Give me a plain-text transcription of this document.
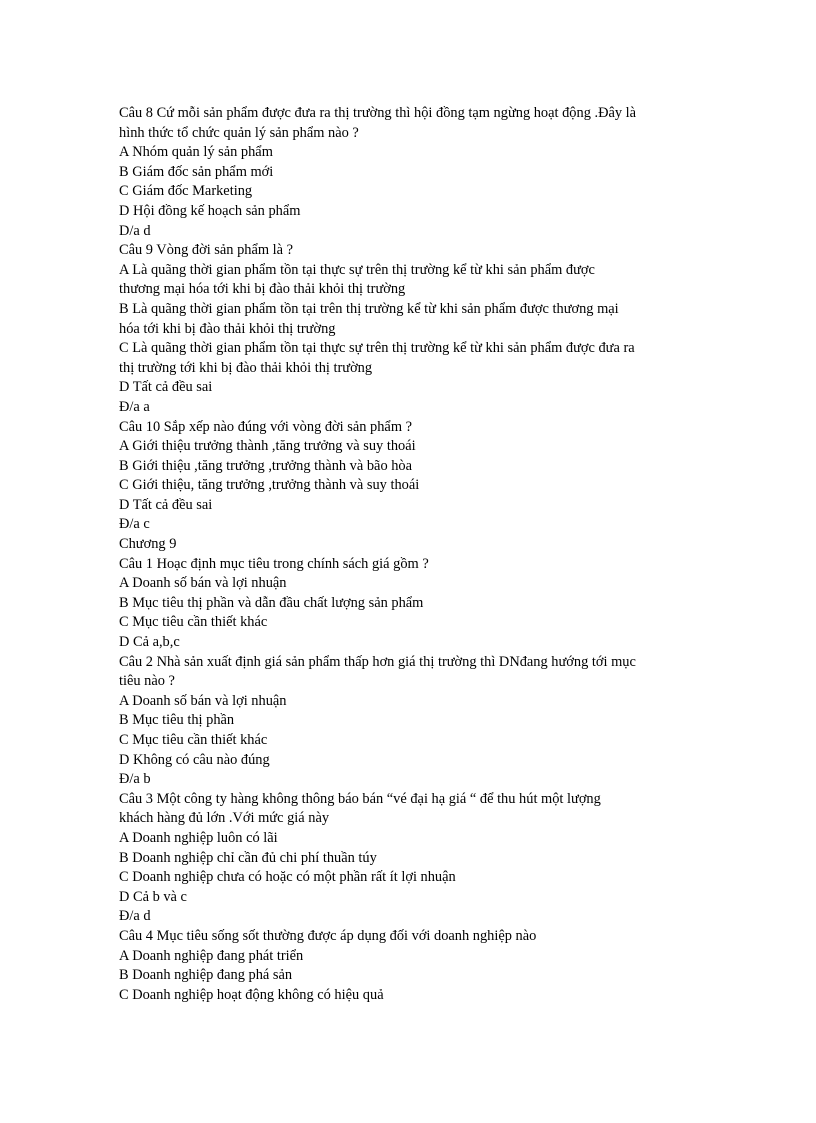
Câu 8 Cứ mỗi sản phẩm được đưa ra thị trường thì hội đồng tạm ngừng hoạt động .Đây là
hình thức tổ chức quản lý sản phẩm nào ?
A Nhóm quản lý sản phẩm
B Giám đốc sản phẩm mới
C Giám đốc Marketing
D Hội đồng kế hoạch sản phẩm
D/a d
Câu 9 Vòng đời sản phẩm là ?
A Là quãng thời gian phẩm tồn tại thực sự trên thị trường kể từ khi sản phẩm được
thương mại hóa tới khi bị đào thải khỏi thị trường
B Là quãng thời gian phẩm tồn tại trên thị trường kể từ khi sản phẩm được thương mại
hóa tới khi bị đào thải khỏi thị trường
C Là quãng thời gian phẩm tồn tại thực sự trên thị trường kể từ khi sản phẩm được đưa ra
thị trường tới khi bị đào thải khỏi thị trường
D Tất cả đều sai
Đ/a a
Câu 10 Sắp xếp nào đúng với vòng đời sản phẩm ?
A Giới thiệu trưởng thành ,tăng trưởng và suy thoái
B Giới thiệu ,tăng trưởng ,trưởng thành và bão hòa
C Giới thiệu, tăng trưởng ,trưởng thành và suy thoái
D Tất cả đều sai
Đ/a c
Chương 9
Câu 1 Hoạc định mục tiêu trong chính sách giá gồm ?
A Doanh số bán và lợi nhuận
B Mục tiêu thị phần và dẫn đầu chất lượng sản phẩm
C Mục tiêu cần thiết khác
D Cả a,b,c
Câu 2 Nhà sản xuất định giá sản phẩm thấp hơn giá thị trường thì DNđang hướng tới mục
tiêu nào ?
A Doanh số bán và lợi nhuận
B Mục tiêu thị phần
C Mục tiêu cần thiết khác
D Không có câu nào đúng
Đ/a b
Câu 3 Một công ty hàng không thông báo bán “vé đại hạ giá “ để thu hút một lượng
khách hàng đủ lớn .Với mức giá này
A Doanh nghiệp luôn có lãi
B Doanh nghiệp chỉ cần đủ chi phí thuần túy
C Doanh nghiệp chưa có hoặc có một phần rất ít lợi nhuận
D Cả b và c
Đ/a d
Câu 4 Mục tiêu sống sốt thường được áp dụng đối với doanh nghiệp nào
A Doanh nghiệp đang phát triển
B Doanh nghiệp đang phá sản
C Doanh nghiệp hoạt động không có hiệu quả
